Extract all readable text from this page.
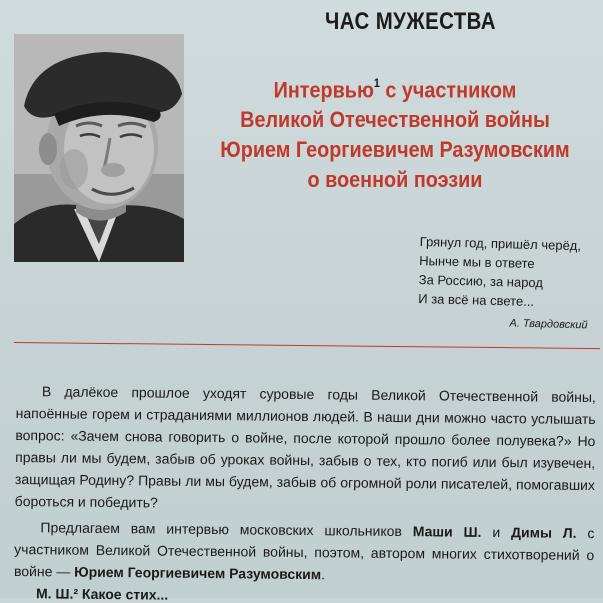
ЧАС МУЖЕСТВА
Интервью$^1$ с участником
Великой Отечественной войны
Юрием Георгиевичем Разумовским
о военной поэзии
Грянул год, пришёл черёд,
Нынче мы в ответе
За Россию, за народ
И за всё на свете...
А. Твардовский

В далёкое прошлое уходят суровые годы Великой Отечественной войны, напоённые горем и страданиями миллионов людей. В наши дни можно часто услышать вопрос: «Зачем снова говорить о войне, после которой прошло более полувека?» Но правы ли мы будем, забыв об уроках войны, забыв о тех, кто погиб или был изувечен, защищая Родину? Правы ли мы будем, забыв об огромной роли писателей, помогавших бороться и победить?

Предлагаем вам интервью московских школьников Маши Ш. и Димы Л. с участником Великой Отечественной войны, поэтом, автором многих стихотворений о войне — Юрием Георгиевичем Разумовским.

М. Ш.² Какое стих...
